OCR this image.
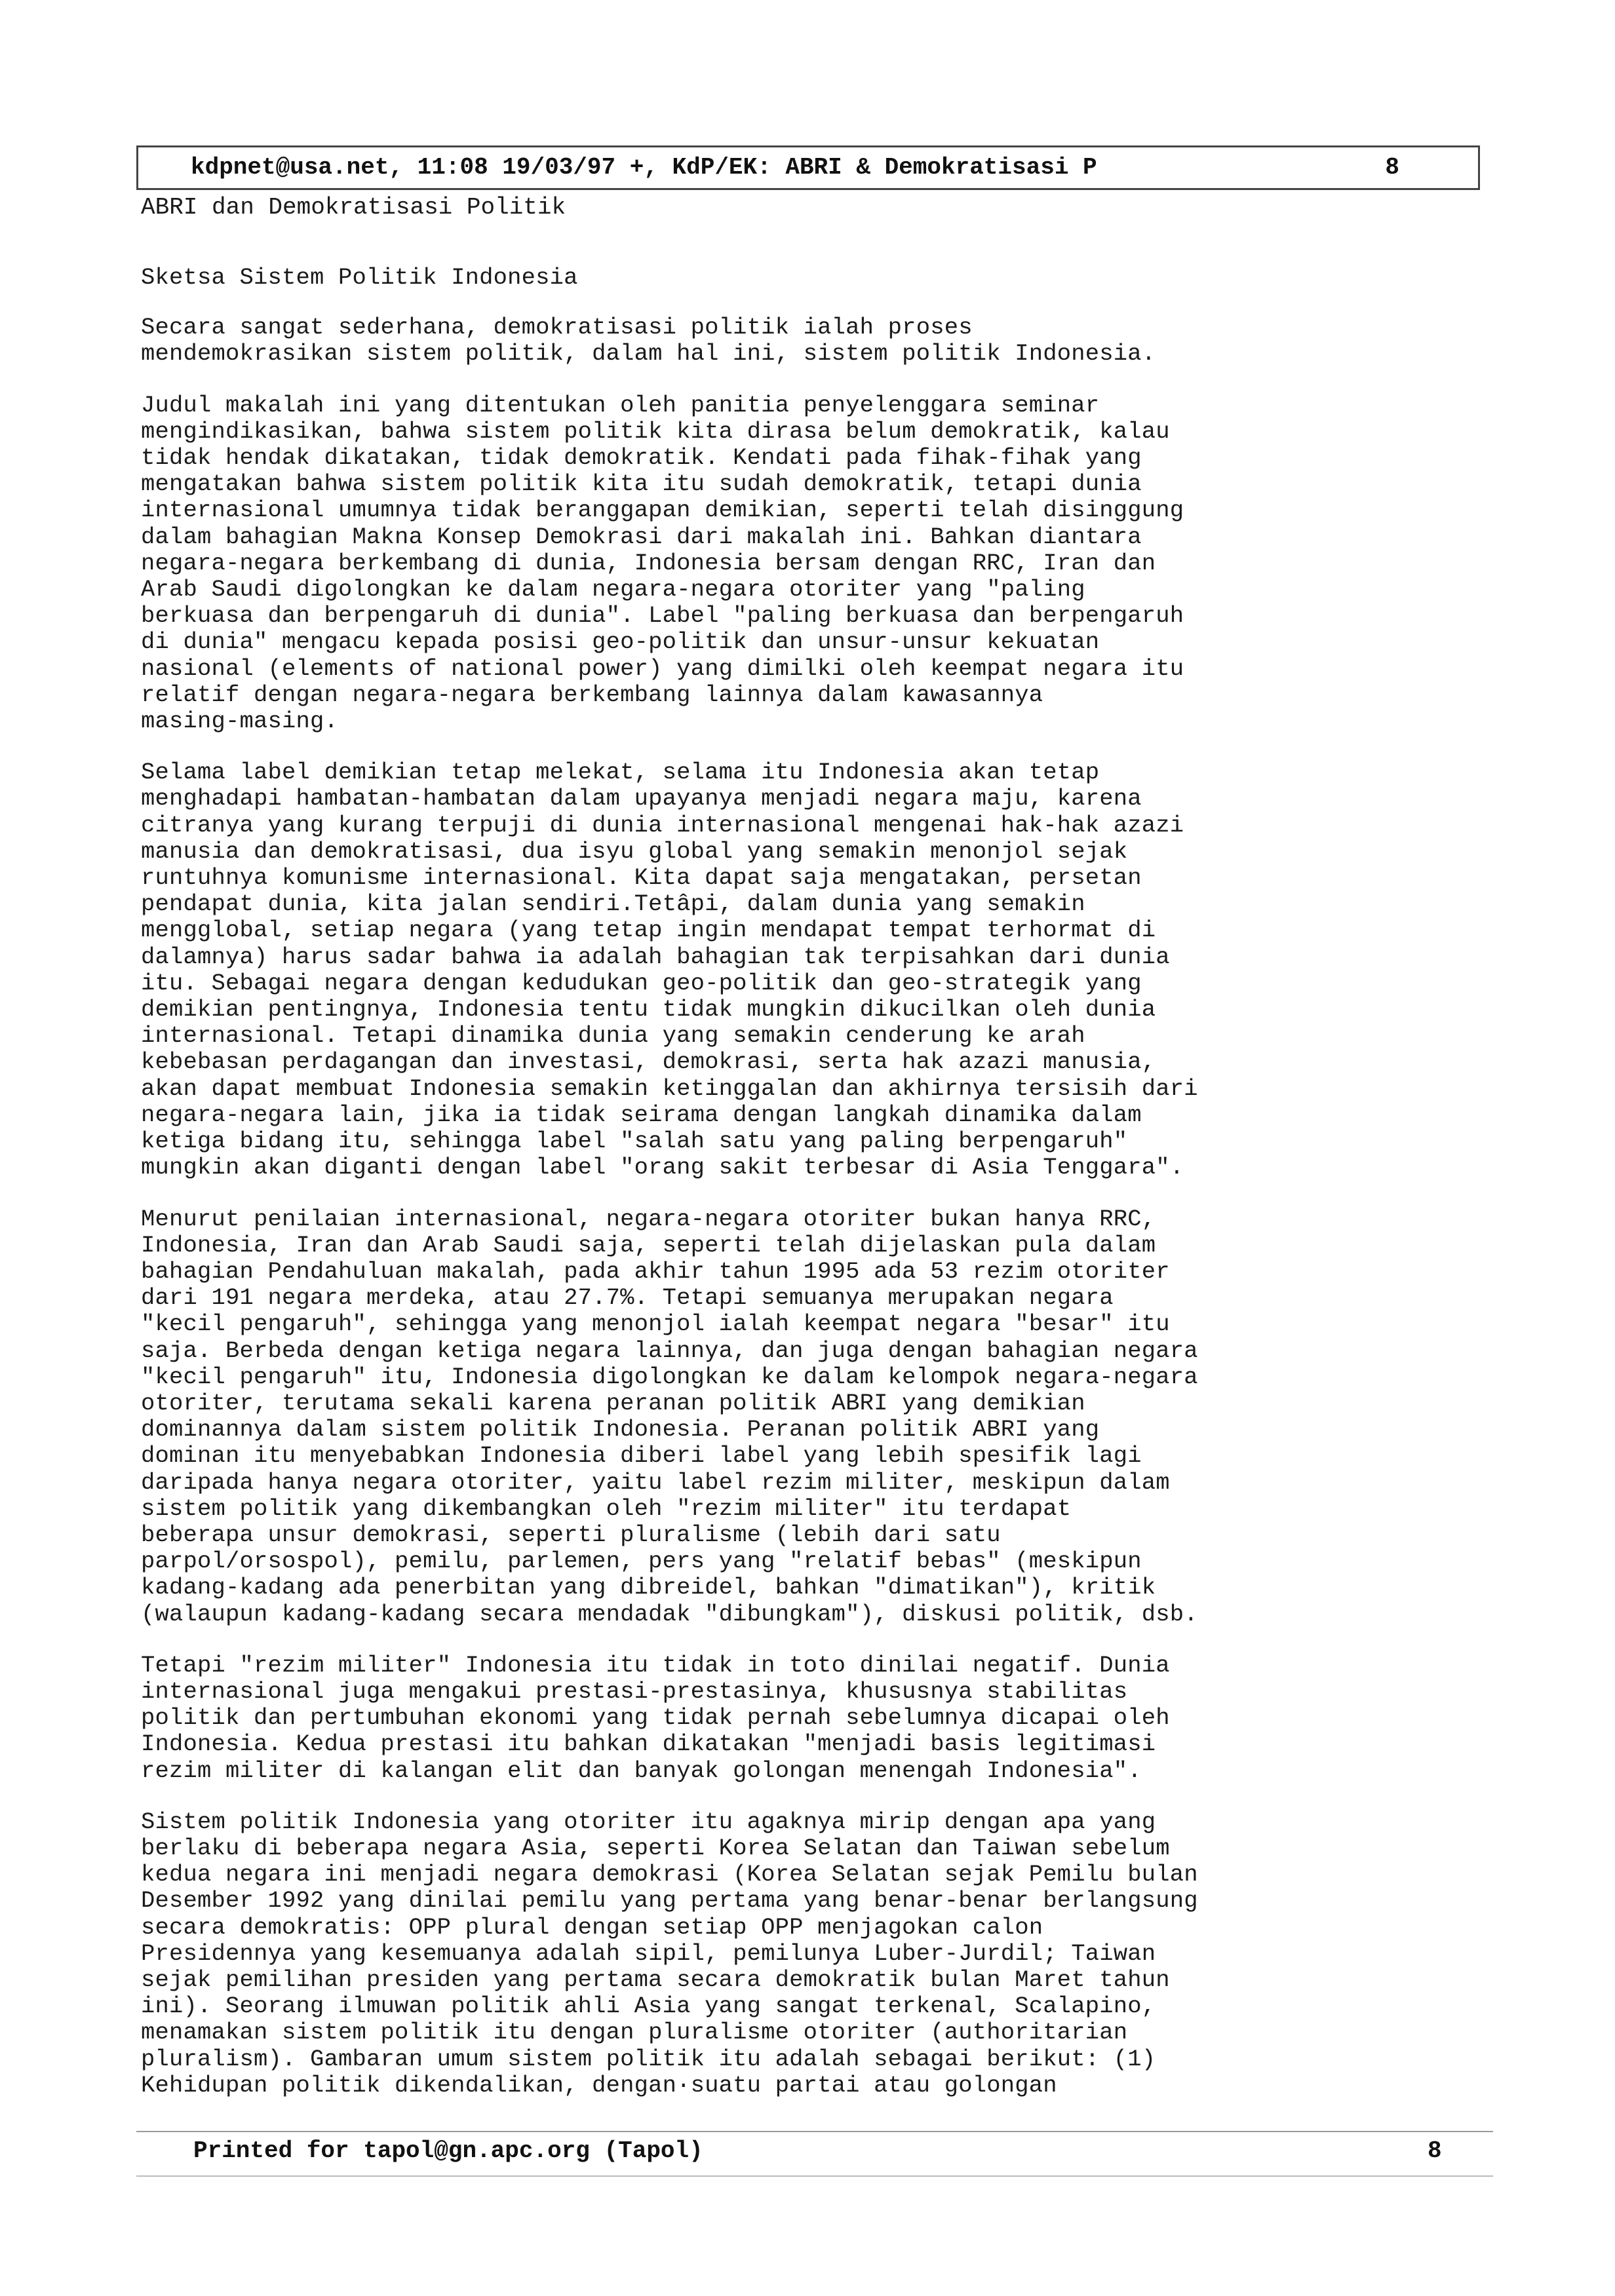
kdpnet@usa.net, 11:08 19/03/97 +, KdP/EK: ABRI & Demokratisasi P	8
ABRI dan Demokratisasi Politik

Sketsa Sistem Politik Indonesia

Secara sangat sederhana, demokratisasi politik ialah proses
mendemokrasikan sistem politik, dalam hal ini, sistem politik Indonesia.

Judul makalah ini yang ditentukan oleh panitia penyelenggara seminar
mengindikasikan, bahwa sistem politik kita dirasa belum demokratik, kalau
tidak hendak dikatakan, tidak demokratik. Kendati pada fihak-fihak yang
mengatakan bahwa sistem politik kita itu sudah demokratik, tetapi dunia
internasional umumnya tidak beranggapan demikian, seperti telah disinggung
dalam bahagian Makna Konsep Demokrasi dari makalah ini. Bahkan diantara
negara-negara berkembang di dunia, Indonesia bersam dengan RRC, Iran dan
Arab Saudi digolongkan ke dalam negara-negara otoriter yang "paling
berkuasa dan berpengaruh di dunia". Label "paling berkuasa dan berpengaruh
di dunia" mengacu kepada posisi geo-politik dan unsur-unsur kekuatan
nasional (elements of national power) yang dimilki oleh keempat negara itu
relatif dengan negara-negara berkembang lainnya dalam kawasannya
masing-masing.

Selama label demikian tetap melekat, selama itu Indonesia akan tetap
menghadapi hambatan-hambatan dalam upayanya menjadi negara maju, karena
citranya yang kurang terpuji di dunia internasional mengenai hak-hak azazi
manusia dan demokratisasi, dua isyu global yang semakin menonjol sejak
runtuhnya komunisme internasional. Kita dapat saja mengatakan, persetan
pendapat dunia, kita jalan sendiri.Tetâpi, dalam dunia yang semakin
mengglobal, setiap negara (yang tetap ingin mendapat tempat terhormat di
dalamnya) harus sadar bahwa ia adalah bahagian tak terpisahkan dari dunia
itu. Sebagai negara dengan kedudukan geo-politik dan geo-strategik yang
demikian pentingnya, Indonesia tentu tidak mungkin dikucilkan oleh dunia
internasional. Tetapi dinamika dunia yang semakin cenderung ke arah
kebebasan perdagangan dan investasi, demokrasi, serta hak azazi manusia,
akan dapat membuat Indonesia semakin ketinggalan dan akhirnya tersisih dari
negara-negara lain, jika ia tidak seirama dengan langkah dinamika dalam
ketiga bidang itu, sehingga label "salah satu yang paling berpengaruh"
mungkin akan diganti dengan label "orang sakit terbesar di Asia Tenggara".

Menurut penilaian internasional, negara-negara otoriter bukan hanya RRC,
Indonesia, Iran dan Arab Saudi saja, seperti telah dijelaskan pula dalam
bahagian Pendahuluan makalah, pada akhir tahun 1995 ada 53 rezim otoriter
dari 191 negara merdeka, atau 27.7%. Tetapi semuanya merupakan negara
"kecil pengaruh", sehingga yang menonjol ialah keempat negara "besar" itu
saja. Berbeda dengan ketiga negara lainnya, dan juga dengan bahagian negara
"kecil pengaruh" itu, Indonesia digolongkan ke dalam kelompok negara-negara
otoriter, terutama sekali karena peranan politik ABRI yang demikian
dominannya dalam sistem politik Indonesia. Peranan politik ABRI yang
dominan itu menyebabkan Indonesia diberi label yang lebih spesifik lagi
daripada hanya negara otoriter, yaitu label rezim militer, meskipun dalam
sistem politik yang dikembangkan oleh "rezim militer" itu terdapat
beberapa unsur demokrasi, seperti pluralisme (lebih dari satu
parpol/orsospol), pemilu, parlemen, pers yang "relatif bebas" (meskipun
kadang-kadang ada penerbitan yang dibreidel, bahkan "dimatikan"), kritik
(walaupun kadang-kadang secara mendadak "dibungkam"), diskusi politik, dsb.

Tetapi "rezim militer" Indonesia itu tidak in toto dinilai negatif. Dunia
internasional juga mengakui prestasi-prestasinya, khususnya stabilitas
politik dan pertumbuhan ekonomi yang tidak pernah sebelumnya dicapai oleh
Indonesia. Kedua prestasi itu bahkan dikatakan "menjadi basis legitimasi
rezim militer di kalangan elit dan banyak golongan menengah Indonesia".

Sistem politik Indonesia yang otoriter itu agaknya mirip dengan apa yang
berlaku di beberapa negara Asia, seperti Korea Selatan dan Taiwan sebelum
kedua negara ini menjadi negara demokrasi (Korea Selatan sejak Pemilu bulan
Desember 1992 yang dinilai pemilu yang pertama yang benar-benar berlangsung
secara demokratis: OPP plural dengan setiap OPP menjagokan calon
Presidennya yang kesemuanya adalah sipil, pemilunya Luber-Jurdil; Taiwan
sejak pemilihan presiden yang pertama secara demokratik bulan Maret tahun
ini). Seorang ilmuwan politik ahli Asia yang sangat terkenal, Scalapino,
menamakan sistem politik itu dengan pluralisme otoriter (authoritarian
pluralism). Gambaran umum sistem politik itu adalah sebagai berikut: (1)
Kehidupan politik dikendalikan, dengan·suatu partai atau golongan

Printed for tapol@gn.apc.org (Tapol)	8
